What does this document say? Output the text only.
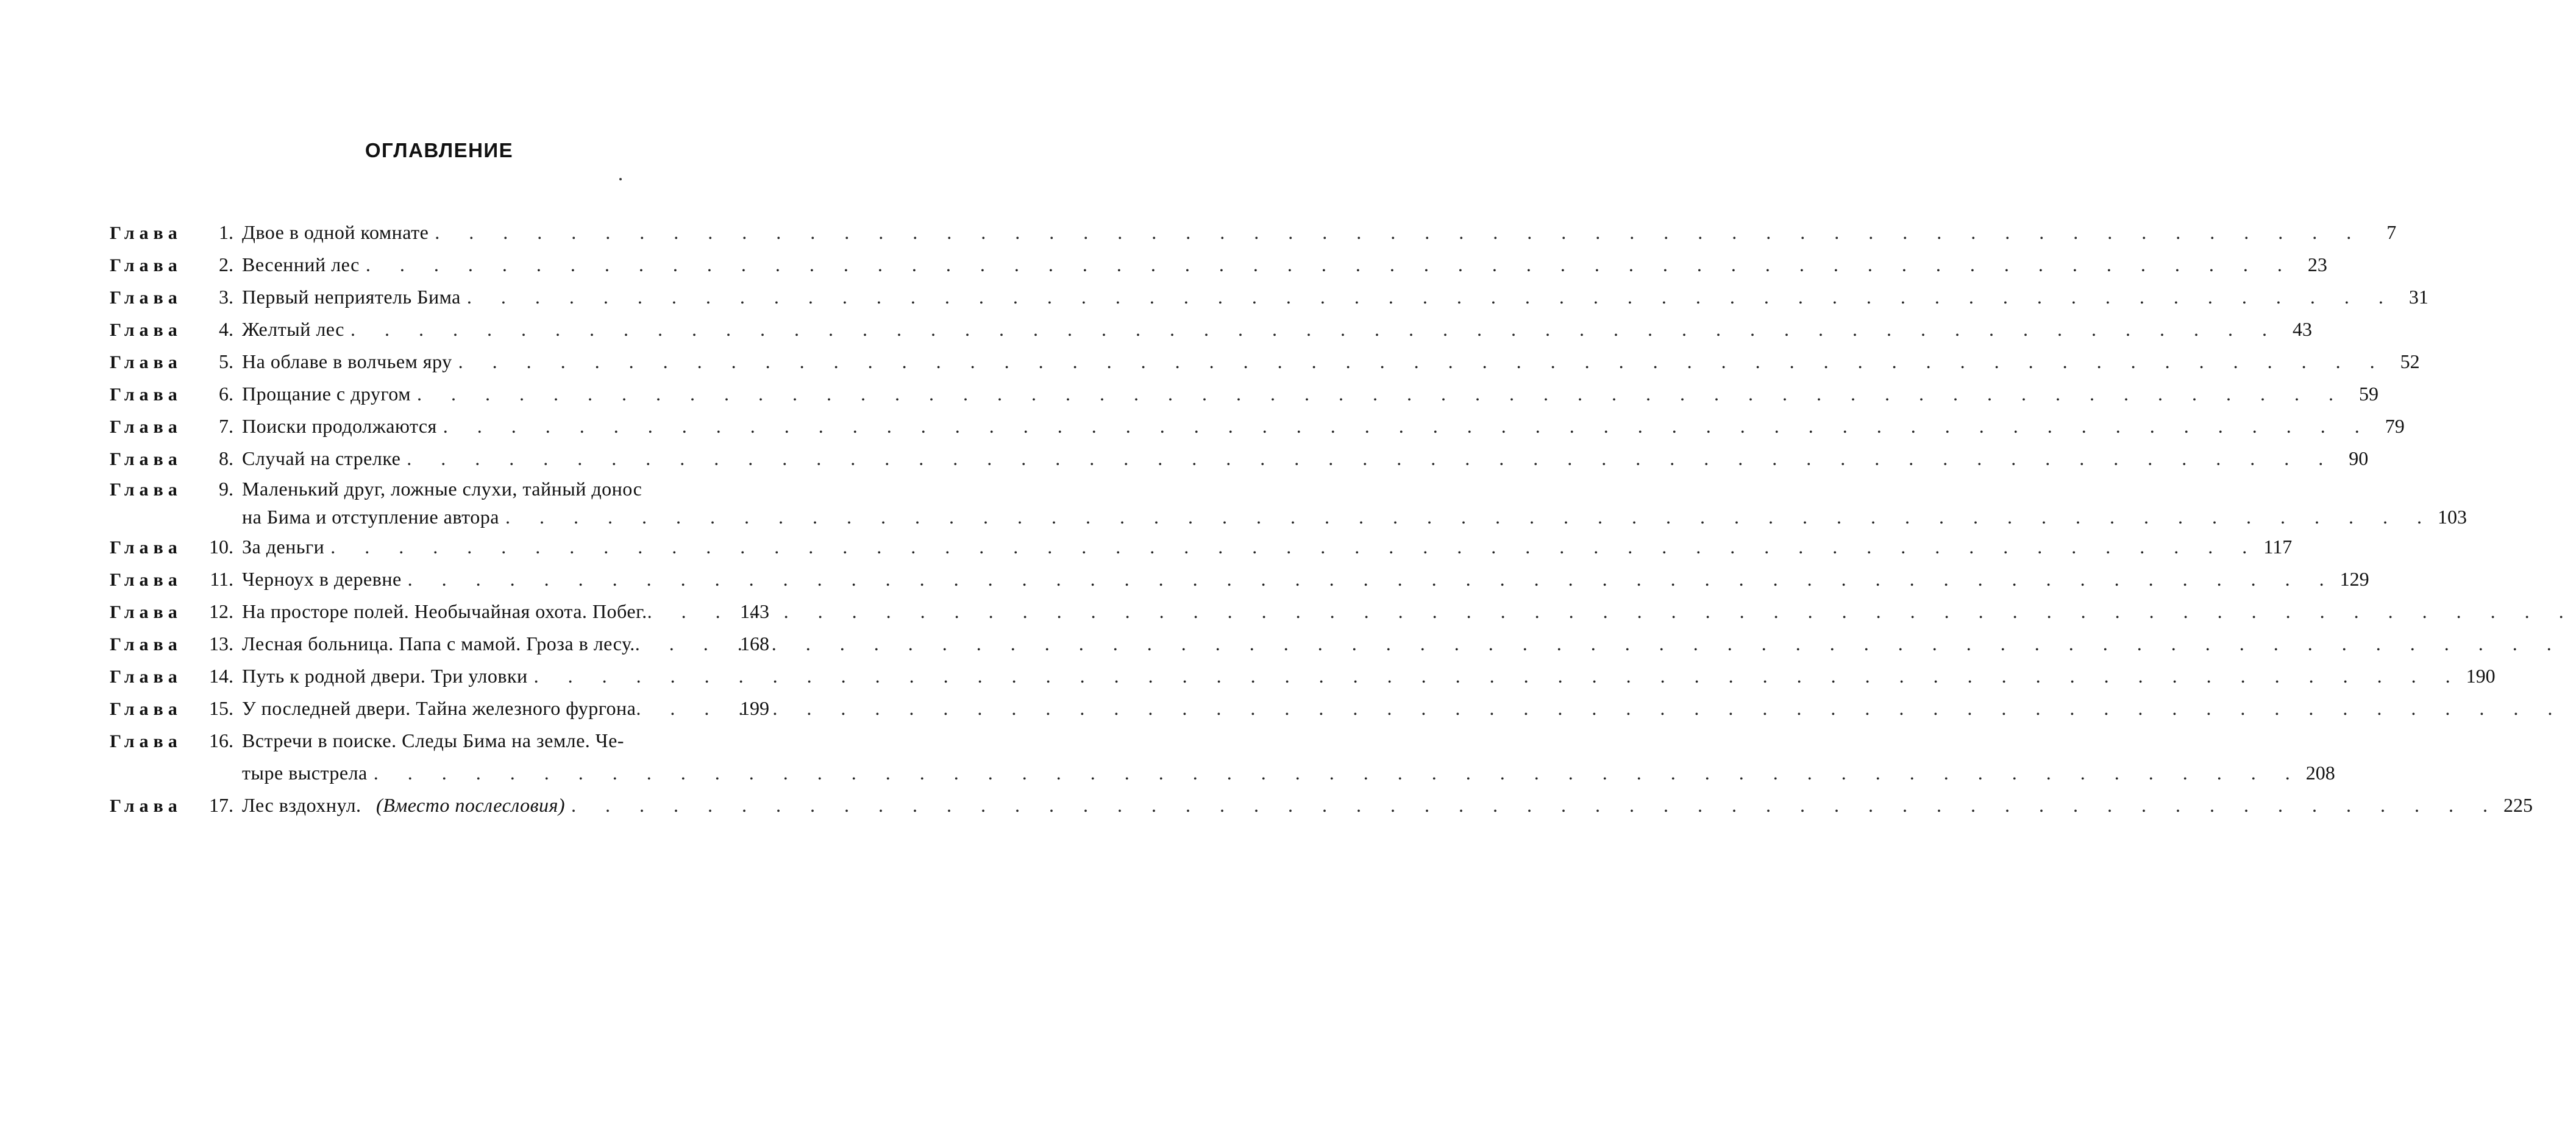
ОГЛАВЛЕНИЕ
Глава	1. Двое в одной комнате . . .	7
Глава	2. Весенний лес . . .	23
Глава	3. Первый неприятель Бима . . .	31
Глава	4. Желтый лес . . .	43
Глава	5. На облаве в волчьем яру . . .	52
Глава	6. Прощание с другом . . .	59
Глава	7. Поиски продолжаются . . .	79
Глава	8. Случай на стрелке . . .	90
Глава	9. Маленький друг, ложные слухи, тайный донос
на Бима и отступление автора . . .	103
Глава	10. За деньги . . .	117
Глава	11. Черноух в деревне . . .	129
Глава	12. На просторе полей. Необычайная охота. Побег. . . .	143
Глава	13. Лесная больница. Папа с мамой. Гроза в лесу. . . .	168
Глава	14. Путь к родной двери. Три уловки . . .	190
Глава	15. У последней двери. Тайна железного фургона . . .	199
Глава	16. Встречи в поиске. Следы Бима на земле. Че-
тыре выстрела . . .	208
Глава	17. Лес вздохнул. (Вместо послесловия) . . .	225
